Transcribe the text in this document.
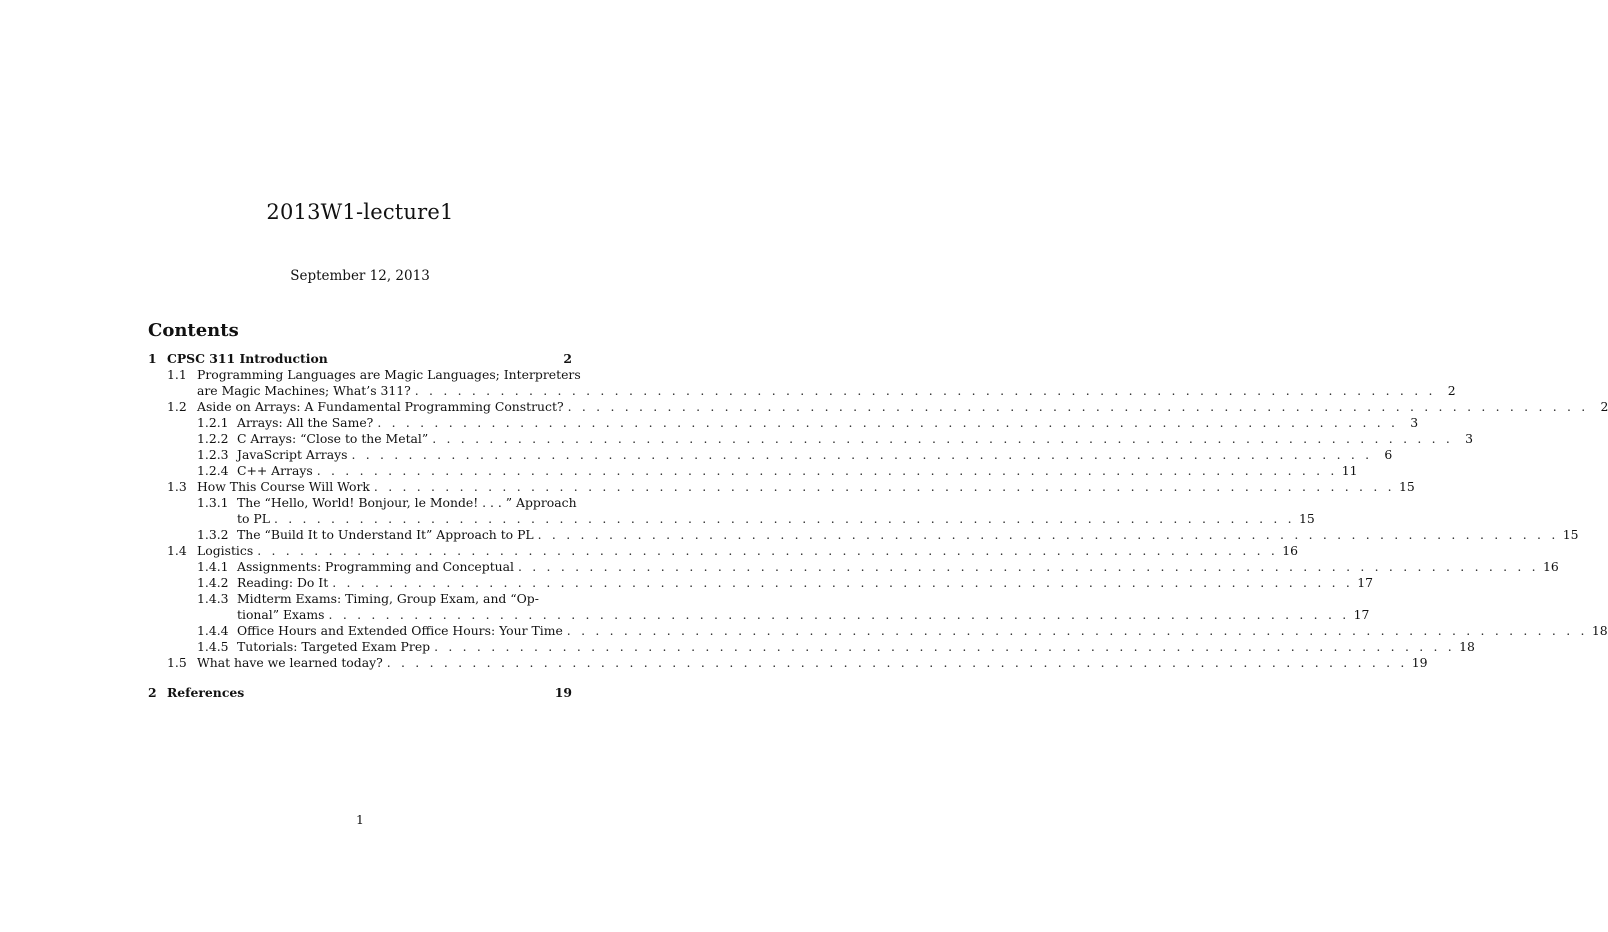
2013W1-lecture1
September 12, 2013
Contents
1 CPSC 311 Introduction	2
1.1 Programming Languages are Magic Languages; Interpreters
are Magic Machines; What’s 311? . . .	2
1.2 Aside on Arrays: A Fundamental Programming Construct? . . .	2
1.2.1 Arrays: All the Same? . . .	3
1.2.2 C Arrays: “Close to the Metal” . . .	3
1.2.3 JavaScript Arrays . . .	6
1.2.4 C++ Arrays . . .	11
1.3 How This Course Will Work . . .	15
1.3.1 The “Hello, World! Bonjour, le Monde! . . . ” Approach
to PL . . .	15
1.3.2 The “Build It to Understand It” Approach to PL . . .	15
1.4 Logistics . . .	16
1.4.1 Assignments: Programming and Conceptual . . .	16
1.4.2 Reading: Do It . . .	17
1.4.3 Midterm Exams: Timing, Group Exam, and “Op-
tional” Exams . . .	17
1.4.4 Office Hours and Extended Office Hours: Your Time . . .	18
1.4.5 Tutorials: Targeted Exam Prep . . .	18
1.5 What have we learned today? . . .	19
2 References	19
1
